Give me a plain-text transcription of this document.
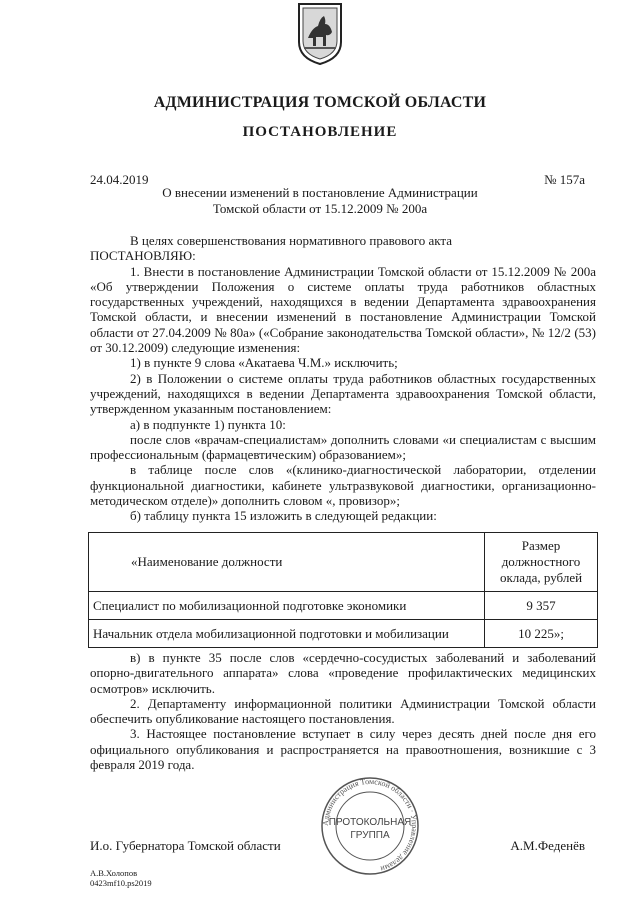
АДМИНИСТРАЦИЯ ТОМСКОЙ ОБЛАСТИ
ПОСТАНОВЛЕНИЕ
24.04.2019	№ 157а
О внесении изменений в постановление Администрации
Томской области от 15.12.2009 № 200а

В целях совершенствования нормативного правового акта

ПОСТАНОВЛЯЮ:

1. Внести в постановление Администрации Томской области от 15.12.2009 № 200а «Об утверждении Положения о системе оплаты труда работников областных государственных учреждений, находящихся в ведении Департамента здравоохранения Томской области, и внесении изменений в постановление Администрации Томской области от 27.04.2009 № 80а» («Собрание законодательства Томской области», № 12/2 (53) от 30.12.2009) следующие изменения:

1) в пункте 9 слова «Акатаева Ч.М.» исключить;

2) в Положении о системе оплаты труда работников областных государственных учреждений, находящихся в ведении Департамента здравоохранения Томской области, утвержденном указанным постановлением:

а) в подпункте 1) пункта 10:

после слов «врачам-специалистам» дополнить словами «и специалистам с высшим профессиональным (фармацевтическим) образованием»;

в таблице после слов «(клинико-диагностической лаборатории, отделении функциональной диагностики, кабинете ультразвуковой диагностики, организационно-методическом отделе)» дополнить словом «, провизор»;

б) таблицу пункта 15 изложить в следующей редакции:

«Наименование должности	Размер должностного оклада, рублей
Специалист по мобилизационной подготовке экономики	9 357
Начальник отдела мобилизационной подготовки и мобилизации	10 225»;

в) в пункте 35 после слов «сердечно-сосудистых заболеваний и заболеваний опорно-двигательного аппарата» слова «проведение профилактических медицинских осмотров» исключить.

2. Департаменту информационной политики Администрации Томской области обеспечить опубликование настоящего постановления.

3. Настоящее постановление вступает в силу через десять дней после дня его официального опубликования и распространяется на правоотношения, возникшие с 3 февраля 2019 года.

Администрация Томской области · Управление делами
ПРОТОКОЛЬНАЯ
ГРУППА
И.о. Губернатора Томской области	А.М.Феденёв
А.В.Холопов
0423mf10.ps2019
